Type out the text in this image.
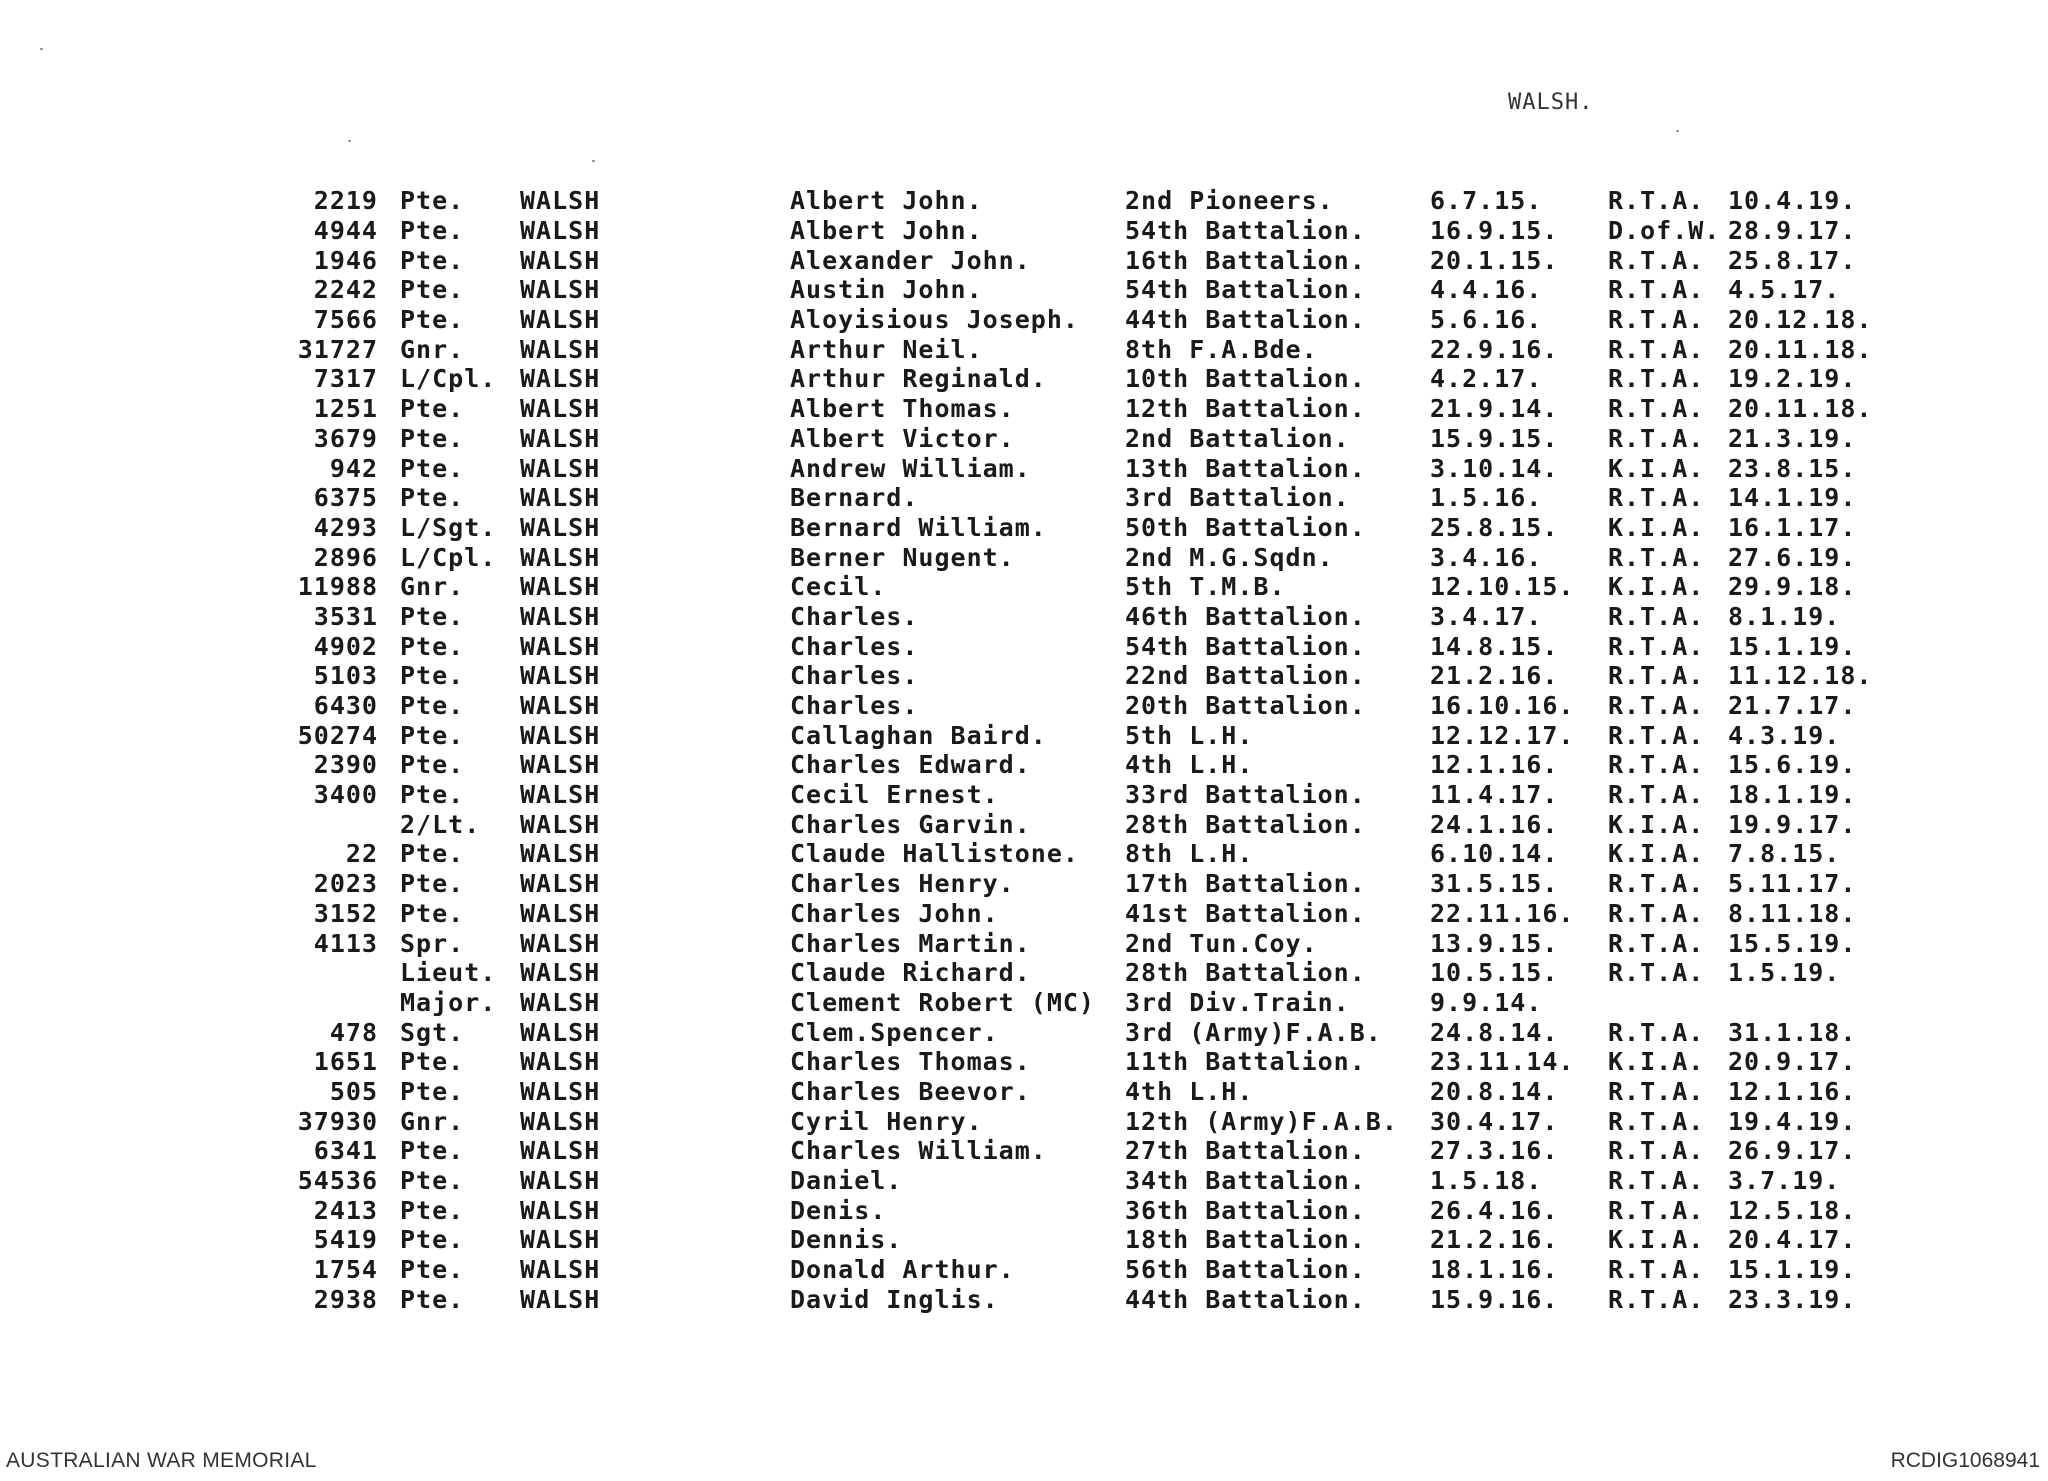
WALSH.
2219	Pte.	WALSH	Albert John.	2nd Pioneers.	6.7.15.	R.T.A.	10.4.19.
4944	Pte.	WALSH	Albert John.	54th Battalion.	16.9.15.	D.of.W.	28.9.17.
1946	Pte.	WALSH	Alexander John.	16th Battalion.	20.1.15.	R.T.A.	25.8.17.
2242	Pte.	WALSH	Austin John.	54th Battalion.	4.4.16.	R.T.A.	4.5.17.
7566	Pte.	WALSH	Aloyisious Joseph.	44th Battalion.	5.6.16.	R.T.A.	20.12.18.
31727	Gnr.	WALSH	Arthur Neil.	8th F.A.Bde.	22.9.16.	R.T.A.	20.11.18.
7317	L/Cpl.	WALSH	Arthur Reginald.	10th Battalion.	4.2.17.	R.T.A.	19.2.19.
1251	Pte.	WALSH	Albert Thomas.	12th Battalion.	21.9.14.	R.T.A.	20.11.18.
3679	Pte.	WALSH	Albert Victor.	2nd Battalion.	15.9.15.	R.T.A.	21.3.19.
942	Pte.	WALSH	Andrew William.	13th Battalion.	3.10.14.	K.I.A.	23.8.15.
6375	Pte.	WALSH	Bernard.	3rd Battalion.	1.5.16.	R.T.A.	14.1.19.
4293	L/Sgt.	WALSH	Bernard William.	50th Battalion.	25.8.15.	K.I.A.	16.1.17.
2896	L/Cpl.	WALSH	Berner Nugent.	2nd M.G.Sqdn.	3.4.16.	R.T.A.	27.6.19.
11988	Gnr.	WALSH	Cecil.	5th T.M.B.	12.10.15.	K.I.A.	29.9.18.
3531	Pte.	WALSH	Charles.	46th Battalion.	3.4.17.	R.T.A.	8.1.19.
4902	Pte.	WALSH	Charles.	54th Battalion.	14.8.15.	R.T.A.	15.1.19.
5103	Pte.	WALSH	Charles.	22nd Battalion.	21.2.16.	R.T.A.	11.12.18.
6430	Pte.	WALSH	Charles.	20th Battalion.	16.10.16.	R.T.A.	21.7.17.
50274	Pte.	WALSH	Callaghan Baird.	5th L.H.	12.12.17.	R.T.A.	4.3.19.
2390	Pte.	WALSH	Charles Edward.	4th L.H.	12.1.16.	R.T.A.	15.6.19.
3400	Pte.	WALSH	Cecil Ernest.	33rd Battalion.	11.4.17.	R.T.A.	18.1.19.
	2/Lt.	WALSH	Charles Garvin.	28th Battalion.	24.1.16.	K.I.A.	19.9.17.
22	Pte.	WALSH	Claude Hallistone.	8th L.H.	6.10.14.	K.I.A.	7.8.15.
2023	Pte.	WALSH	Charles Henry.	17th Battalion.	31.5.15.	R.T.A.	5.11.17.
3152	Pte.	WALSH	Charles John.	41st Battalion.	22.11.16.	R.T.A.	8.11.18.
4113	Spr.	WALSH	Charles Martin.	2nd Tun.Coy.	13.9.15.	R.T.A.	15.5.19.
	Lieut.	WALSH	Claude Richard.	28th Battalion.	10.5.15.	R.T.A.	1.5.19.
	Major.	WALSH	Clement Robert (MC)	3rd Div.Train.	9.9.14.		
478	Sgt.	WALSH	Clem.Spencer.	3rd (Army)F.A.B.	24.8.14.	R.T.A.	31.1.18.
1651	Pte.	WALSH	Charles Thomas.	11th Battalion.	23.11.14.	K.I.A.	20.9.17.
505	Pte.	WALSH	Charles Beevor.	4th L.H.	20.8.14.	R.T.A.	12.1.16.
37930	Gnr.	WALSH	Cyril Henry.	12th (Army)F.A.B.	30.4.17.	R.T.A.	19.4.19.
6341	Pte.	WALSH	Charles William.	27th Battalion.	27.3.16.	R.T.A.	26.9.17.
54536	Pte.	WALSH	Daniel.	34th Battalion.	1.5.18.	R.T.A.	3.7.19.
2413	Pte.	WALSH	Denis.	36th Battalion.	26.4.16.	R.T.A.	12.5.18.
5419	Pte.	WALSH	Dennis.	18th Battalion.	21.2.16.	K.I.A.	20.4.17.
1754	Pte.	WALSH	Donald Arthur.	56th Battalion.	18.1.16.	R.T.A.	15.1.19.
2938	Pte.	WALSH	David Inglis.	44th Battalion.	15.9.16.	R.T.A.	23.3.19.
AUSTRALIAN WAR MEMORIAL	RCDIG1068941
